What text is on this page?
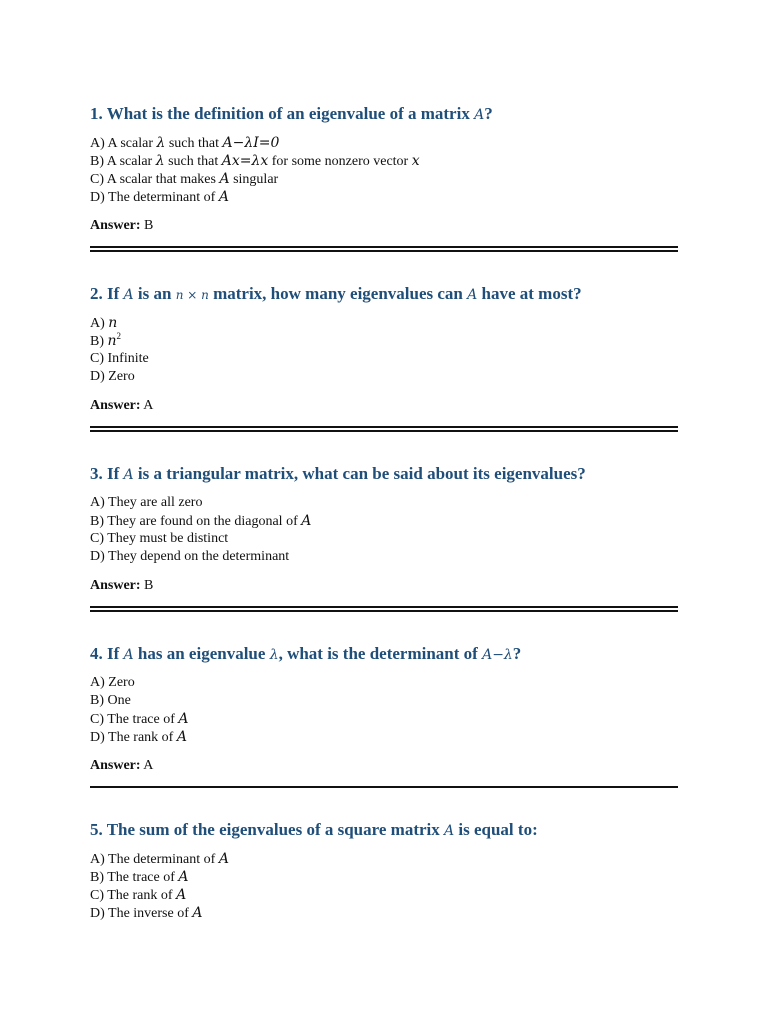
1. What is the definition of an eigenvalue of a matrix A?
A) A scalar λ such that A−λI=0
B) A scalar λ such that Ax=λx for some nonzero vector x
C) A scalar that makes A singular
D) The determinant of A
Answer: B
2. If A is an n × n matrix, how many eigenvalues can A have at most?
A) n
B) $n^2$
C) Infinite
D) Zero
Answer: A
3. If A is a triangular matrix, what can be said about its eigenvalues?
A) They are all zero
B) They are found on the diagonal of A
C) They must be distinct
D) They depend on the determinant
Answer: B
4. If A has an eigenvalue λ, what is the determinant of A−λ?
A) Zero
B) One
C) The trace of A
D) The rank of A
Answer: A
5. The sum of the eigenvalues of a square matrix A is equal to:
A) The determinant of A
B) The trace of A
C) The rank of A
D) The inverse of A
